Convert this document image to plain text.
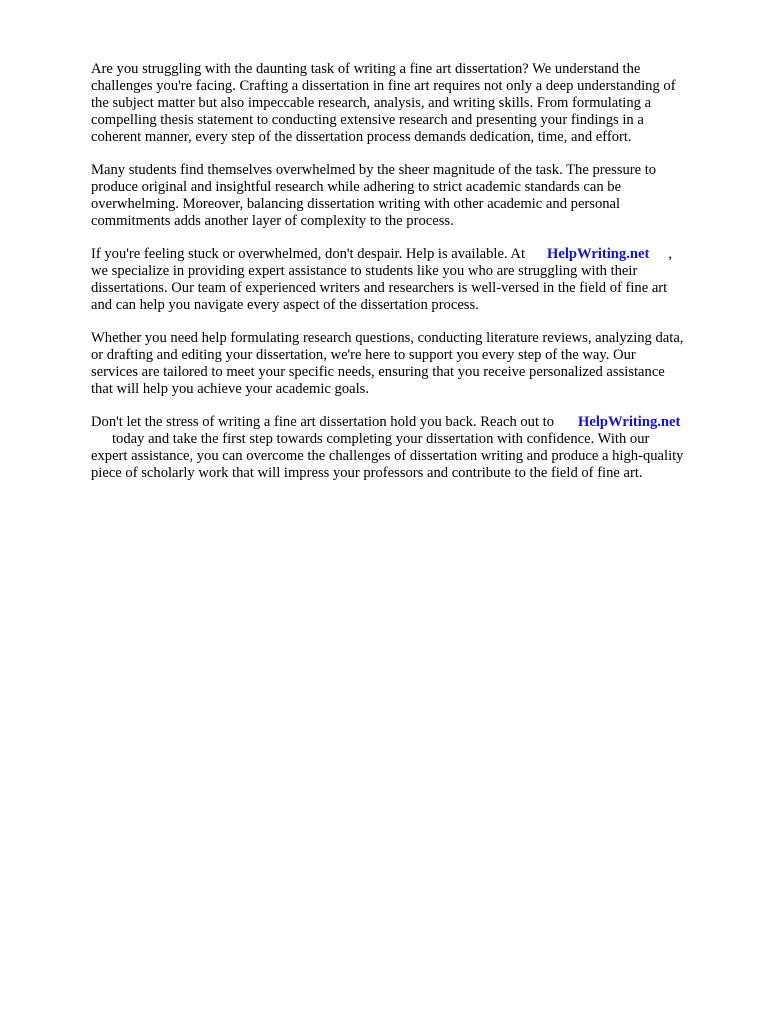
Are you struggling with the daunting task of writing a fine art dissertation? We understand the
challenges you're facing. Crafting a dissertation in fine art requires not only a deep understanding of
the subject matter but also impeccable research, analysis, and writing skills. From formulating a
compelling thesis statement to conducting extensive research and presenting your findings in a
coherent manner, every step of the dissertation process demands dedication, time, and effort.

Many students find themselves overwhelmed by the sheer magnitude of the task. The pressure to
produce original and insightful research while adhering to strict academic standards can be
overwhelming. Moreover, balancing dissertation writing with other academic and personal
commitments adds another layer of complexity to the process.

If you're feeling stuck or overwhelmed, don't despair. Help is available. At HelpWriting.net ,
we specialize in providing expert assistance to students like you who are struggling with their
dissertations. Our team of experienced writers and researchers is well-versed in the field of fine art
and can help you navigate every aspect of the dissertation process.

Whether you need help formulating research questions, conducting literature reviews, analyzing data,
or drafting and editing your dissertation, we're here to support you every step of the way. Our
services are tailored to meet your specific needs, ensuring that you receive personalized assistance
that will help you achieve your academic goals.

Don't let the stress of writing a fine art dissertation hold you back. Reach out to HelpWriting.net
today and take the first step towards completing your dissertation with confidence. With our
expert assistance, you can overcome the challenges of dissertation writing and produce a high-quality
piece of scholarly work that will impress your professors and contribute to the field of fine art.
